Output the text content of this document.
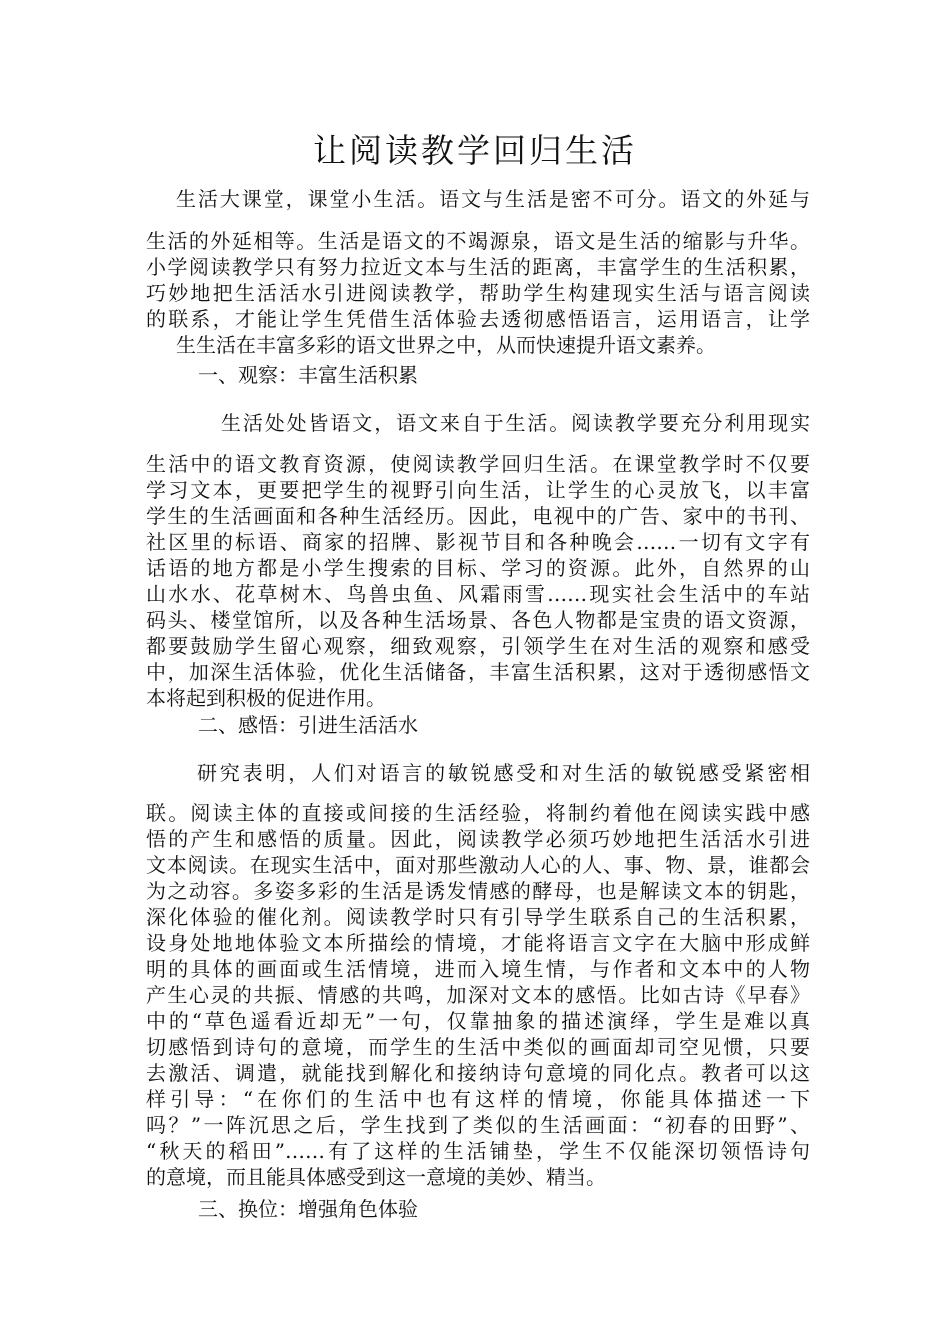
让阅读教学回归生活
生活大课堂，课堂小生活。语文与生活是密不可分。语文的外延与
生活的外延相等。生活是语文的不竭源泉，语文是生活的缩影与升华。
小学阅读教学只有努力拉近文本与生活的距离，丰富学生的生活积累，
巧妙地把生活活水引进阅读教学，帮助学生构建现实生活与语言阅读
的联系，才能让学生凭借生活体验去透彻感悟语言，运用语言，让学
生生活在丰富多彩的语文世界之中，从而快速提升语文素养。
一、观察：丰富生活积累
生活处处皆语文，语文来自于生活。阅读教学要充分利用现实
生活中的语文教育资源，使阅读教学回归生活。在课堂教学时不仅要
学习文本，更要把学生的视野引向生活，让学生的心灵放飞，以丰富
学生的生活画面和各种生活经历。因此，电视中的广告、家中的书刊、
社区里的标语、商家的招牌、影视节目和各种晚会……一切有文字有
话语的地方都是小学生搜索的目标、学习的资源。此外，自然界的山
山水水、花草树木、鸟兽虫鱼、风霜雨雪……现实社会生活中的车站
码头、楼堂馆所，以及各种生活场景、各色人物都是宝贵的语文资源，
都要鼓励学生留心观察，细致观察，引领学生在对生活的观察和感受
中，加深生活体验，优化生活储备，丰富生活积累，这对于透彻感悟文
本将起到积极的促进作用。
二、感悟：引进生活活水
研究表明，人们对语言的敏锐感受和对生活的敏锐感受紧密相
联。阅读主体的直接或间接的生活经验，将制约着他在阅读实践中感
悟的产生和感悟的质量。因此，阅读教学必须巧妙地把生活活水引进
文本阅读。在现实生活中，面对那些激动人心的人、事、物、景，谁都会
为之动容。多姿多彩的生活是诱发情感的酵母，也是解读文本的钥匙，
深化体验的催化剂。阅读教学时只有引导学生联系自己的生活积累，
设身处地地体验文本所描绘的情境，才能将语言文字在大脑中形成鲜
明的具体的画面或生活情境，进而入境生情，与作者和文本中的人物
产生心灵的共振、情感的共鸣，加深对文本的感悟。比如古诗《早春》
中的“草色遥看近却无”一句，仅靠抽象的描述演绎，学生是难以真
切感悟到诗句的意境，而学生的生活中类似的画面却司空见惯，只要
去激活、调遣，就能找到解化和接纳诗句意境的同化点。教者可以这
样引导：“在你们的生活中也有这样的情境，你能具体描述一下
吗？”一阵沉思之后，学生找到了类似的生活画面：“初春的田野”、
“秋天的稻田”……有了这样的生活铺垫，学生不仅能深切领悟诗句
的意境，而且能具体感受到这一意境的美妙、精当。
三、换位：增强角色体验
